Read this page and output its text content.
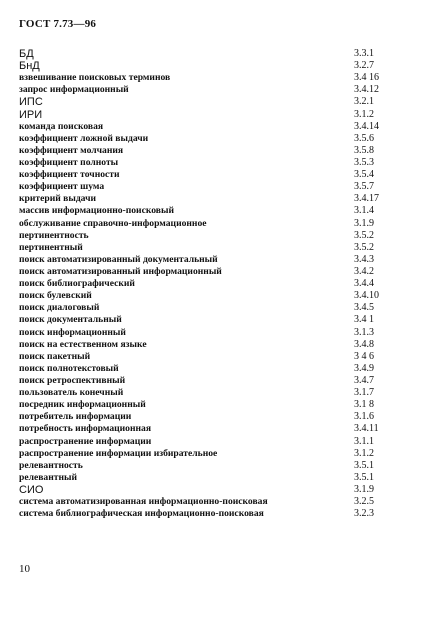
ГОСТ 7.73—96
БД	3.3.1
БнД	3.2.7
взвешивание поисковых терминов	3.4 16
запрос информационный	3.4.12
ИПС	3.2.1
ИРИ	3.1.2
команда поисковая	3.4.14
коэффициент ложной выдачи	3.5.6
коэффициент молчания	3.5.8
коэффициент полноты	3.5.3
коэффициент точности	3.5.4
коэффициент шума	3.5.7
критерий выдачи	3.4.17
массив информационно-поисковый	3.1.4
обслуживание справочно-информационное	3.1.9
пертинентность	3.5.2
пертинентный	3.5.2
поиск автоматизированный документальный	3.4.3
поиск автоматизированный информационный	3.4.2
поиск библиографический	3.4.4
поиск булевский	3.4.10
поиск диалоговый	3.4.5
поиск документальный	3.4 1
поиск информационный	3.1.3
поиск на естественном языке	3.4.8
поиск пакетный	3 4 6
поиск полнотекстовый	3.4.9
поиск ретроспективный	3.4.7
пользователь конечный	3.1.7
посредник информационный	3.1 8
потребитель информации	3.1.6
потребность информационная	3.4.11
распространение информации	3.1.1
распространение информации избирательное	3.1.2
релевантность	3.5.1
релевантный	3.5.1
СИО	3.1.9
система автоматизированная информационно-поисковая	3.2.5
система библиографическая информационно-поисковая	3.2.3
10
